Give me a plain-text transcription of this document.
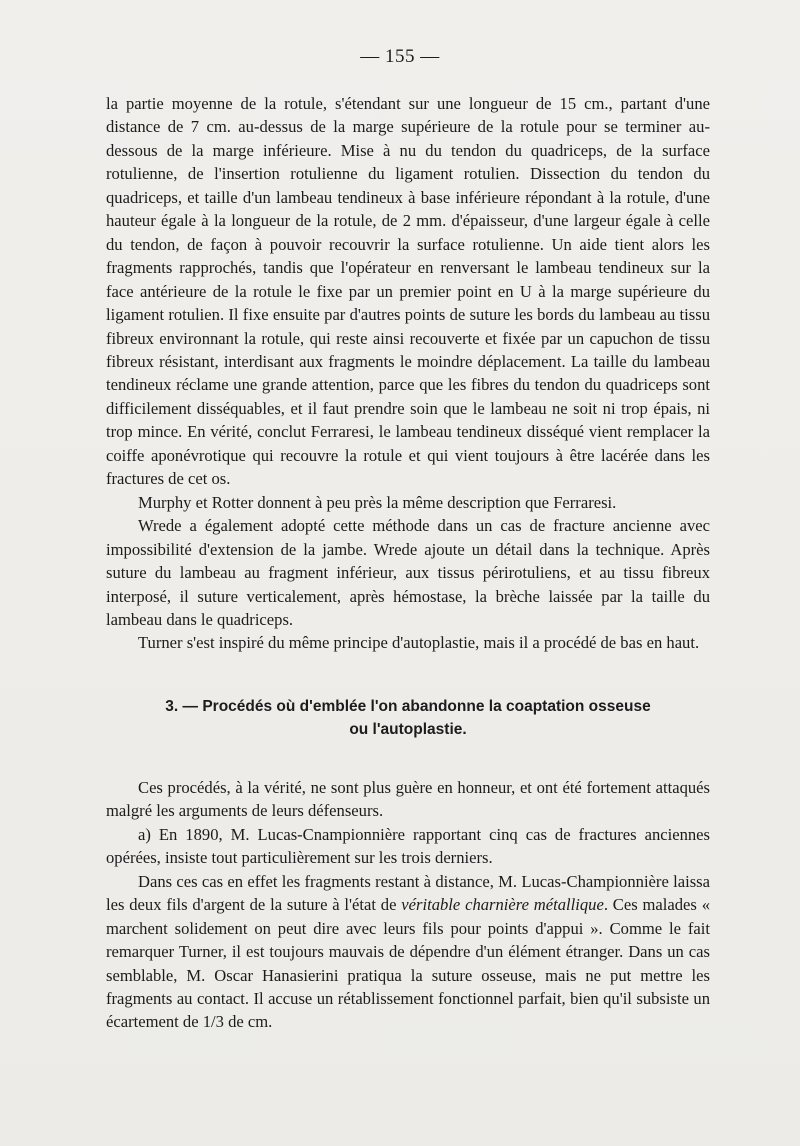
— 155 —

la partie moyenne de la rotule, s'étendant sur une longueur de 15 cm., partant d'une distance de 7 cm. au-dessus de la marge supérieure de la rotule pour se terminer au-dessous de la marge inférieure. Mise à nu du tendon du quadriceps, de la surface rotulienne, de l'insertion rotulienne du ligament rotulien. Dissection du tendon du quadriceps, et taille d'un lambeau tendineux à base inférieure répondant à la rotule, d'une hauteur égale à la longueur de la rotule, de 2 mm. d'épaisseur, d'une largeur égale à celle du tendon, de façon à pouvoir recouvrir la surface rotulienne. Un aide tient alors les fragments rapprochés, tandis que l'opérateur en renversant le lambeau tendineux sur la face antérieure de la rotule le fixe par un premier point en U à la marge supérieure du ligament rotulien. Il fixe ensuite par d'autres points de suture les bords du lambeau au tissu fibreux environnant la rotule, qui reste ainsi recouverte et fixée par un capuchon de tissu fibreux résistant, interdisant aux fragments le moindre déplacement. La taille du lambeau tendineux réclame une grande attention, parce que les fibres du tendon du quadriceps sont difficilement disséquables, et il faut prendre soin que le lambeau ne soit ni trop épais, ni trop mince. En vérité, conclut Ferraresi, le lambeau tendineux disséqué vient remplacer la coiffe aponévrotique qui recouvre la rotule et qui vient toujours à être lacérée dans les fractures de cet os.

Murphy et Rotter donnent à peu près la même description que Ferraresi.

Wrede a également adopté cette méthode dans un cas de fracture ancienne avec impossibilité d'extension de la jambe. Wrede ajoute un détail dans la technique. Après suture du lambeau au fragment inférieur, aux tissus périrotuliens, et au tissu fibreux interposé, il suture verticalement, après hémostase, la brèche laissée par la taille du lambeau dans le quadriceps.

Turner s'est inspiré du même principe d'autoplastie, mais il a procédé de bas en haut.

3. — Procédés où d'emblée l'on abandonne la coaptation osseuse
ou l'autoplastie.

Ces procédés, à la vérité, ne sont plus guère en honneur, et ont été fortement attaqués malgré les arguments de leurs défenseurs.

a) En 1890, M. Lucas-Cnampionnière rapportant cinq cas de fractures anciennes opérées, insiste tout particulièrement sur les trois derniers.

Dans ces cas en effet les fragments restant à distance, M. Lucas-Championnière laissa les deux fils d'argent de la suture à l'état de véritable charnière métallique. Ces malades « marchent solidement on peut dire avec leurs fils pour points d'appui ». Comme le fait remarquer Turner, il est toujours mauvais de dépendre d'un élément étranger. Dans un cas semblable, M. Oscar Hanasierini pratiqua la suture osseuse, mais ne put mettre les fragments au contact. Il accuse un rétablissement fonctionnel parfait, bien qu'il subsiste un écartement de 1/3 de cm.
